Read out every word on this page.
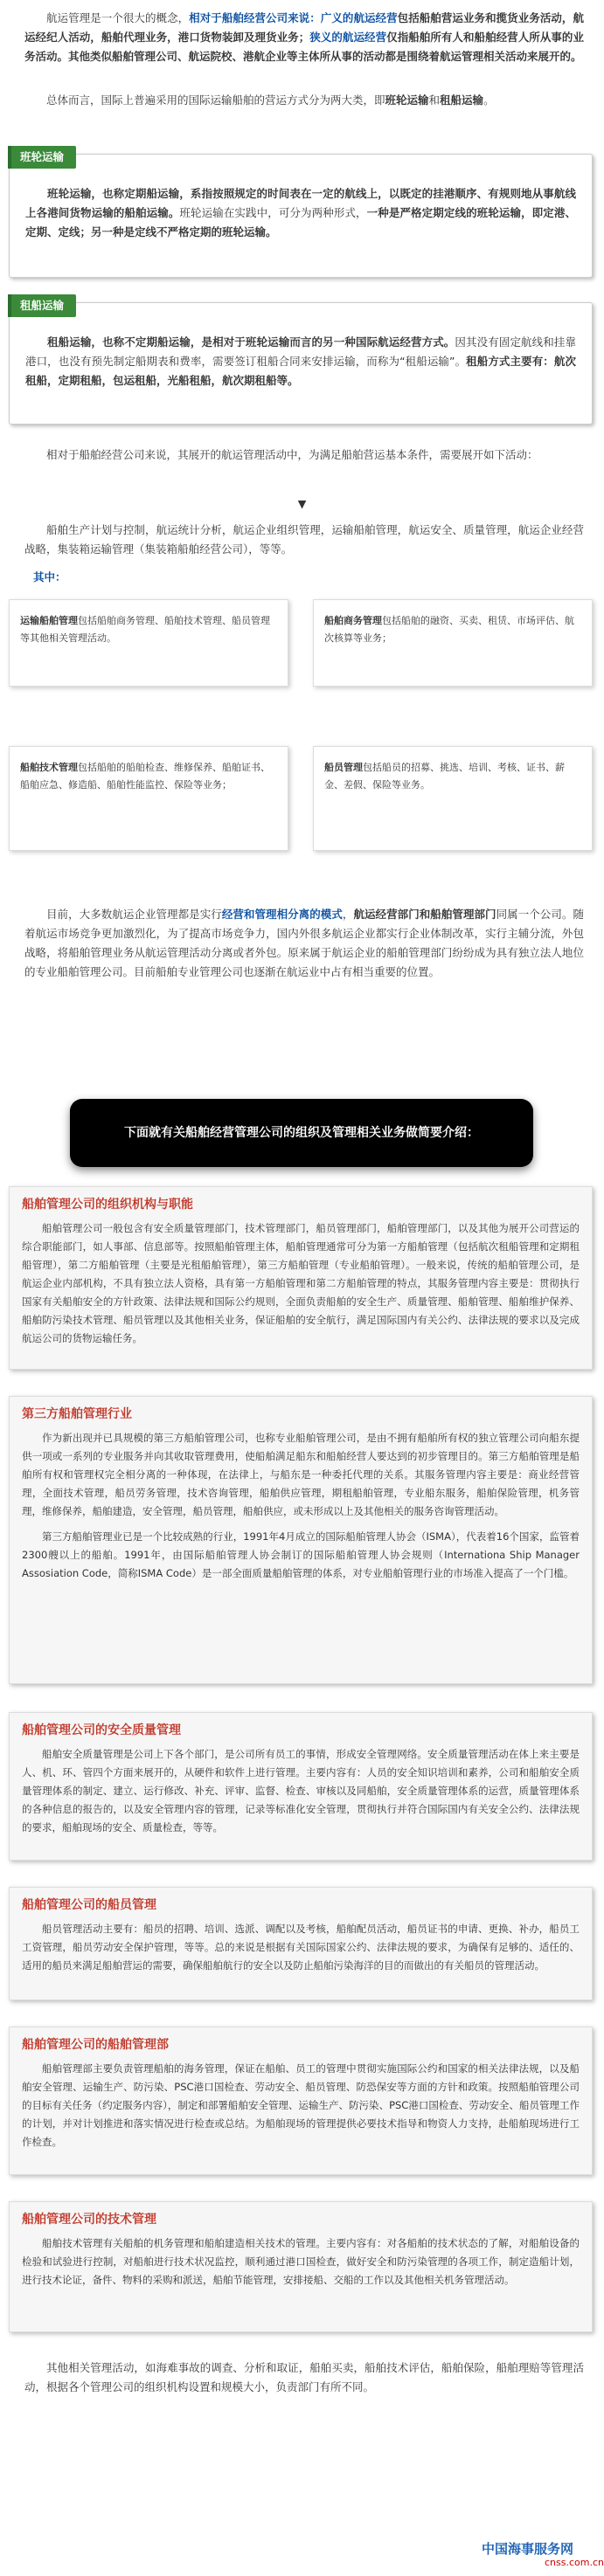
航运管理是一个很大的概念，相对于船舶经营公司来说：广义的航运经营包括船舶营运业务和揽货业务活动，航运经纪人活动，船舶代理业务，港口货物装卸及理货业务；狭义的航运经营仅指船舶所有人和船舶经营人所从事的业务活动。其他类似船舶管理公司、航运院校、港航企业等主体所从事的活动都是围绕着航运管理相关活动来展开的。
总体而言，国际上普遍采用的国际运输船舶的营运方式分为两大类，即班轮运输和租船运输。
班轮运输
班轮运输，也称定期船运输，系指按照规定的时间表在一定的航线上，以既定的挂港顺序、有规则地从事航线上各港间货物运输的船舶运输。班轮运输在实践中，可分为两种形式，一种是严格定期定线的班轮运输，即定港、定期、定线；另一种是定线不严格定期的班轮运输。
租船运输
租船运输，也称不定期船运输，是相对于班轮运输而言的另一种国际航运经营方式。因其没有固定航线和挂靠港口，也没有预先制定船期表和费率，需要签订租船合同来安排运输，而称为“租船运输”。租船方式主要有：航次租船，定期租船，包运租船，光船租船，航次期租船等。
相对于船舶经营公司来说，其展开的航运管理活动中，为满足船舶营运基本条件，需要展开如下活动：
▼
船舶生产计划与控制，航运统计分析，航运企业组织管理，运输船舶管理，航运安全、质量管理，航运企业经营战略，集装箱运输管理（集装箱船舶经营公司），等等。
其中：
运输船舶管理包括船舶商务管理、船舶技术管理、船员管理等其他相关管理活动。
船舶商务管理包括船舶的融资、买卖、租赁、市场评估、航次核算等业务；
船舶技术管理包括船舶的船舶检查、维修保养、船舶证书、船舶应急、修造船、船舶性能监控、保险等业务；
船员管理包括船员的招募、挑选、培训、考核、证书、薪金、差假、保险等业务。
目前，大多数航运企业管理都是实行经营和管理相分离的模式，航运经营部门和船舶管理部门同属一个公司。随着航运市场竞争更加激烈化，为了提高市场竞争力，国内外很多航运企业都实行企业体制改革，实行主辅分流，外包战略，将船舶管理业务从航运管理活动分离或者外包。原来属于航运企业的船舶管理部门纷纷成为具有独立法人地位的专业船舶管理公司。目前船舶专业管理公司也逐渐在航运业中占有相当重要的位置。
下面就有关船舶经营管理公司的组织及管理相关业务做简要介绍：
船舶管理公司的组织机构与职能

船舶管理公司一般包含有安全质量管理部门，技术管理部门，船员管理部门，船舶管理部门，以及其他为展开公司营运的综合职能部门，如人事部、信息部等。按照船舶管理主体，船舶管理通常可分为第一方船舶管理（包括航次租船管理和定期租船管理），第二方船舶管理（主要是光租船舶管理），第三方船舶管理（专业船舶管理）。一般来说，传统的船舶管理公司，是航运企业内部机构，不具有独立法人资格，具有第一方船舶管理和第二方船舶管理的特点，其服务管理内容主要是：贯彻执行国家有关船舶安全的方针政策、法律法规和国际公约规则，全面负责船舶的安全生产、质量管理、船舶管理、船舶维护保养、船舶防污染技术管理、船员管理以及其他相关业务，保证船舶的安全航行，满足国际国内有关公约、法律法规的要求以及完成航运公司的货物运输任务。

第三方船舶管理行业

作为新出现并已具规模的第三方船舶管理公司，也称专业船舶管理公司，是由不拥有船舶所有权的独立管理公司向船东提供一项或一系列的专业服务并向其收取管理费用，使船舶满足船东和船舶经营人要达到的初步管理目的。第三方船舶管理是船舶所有权和管理权完全相分离的一种体现，在法律上，与船东是一种委托代理的关系。其服务管理内容主要是：商业经营管理，全面技术管理，船员劳务管理，技术咨询管理，船舶供应管理，期租船舶管理，专业船东服务，船舶保险管理，机务管理，维修保养，船舶建造，安全管理，船员管理，船舶供应，或未形成以上及其他相关的服务咨询管理活动。

第三方船舶管理业已是一个比较成熟的行业，1991年4月成立的国际船舶管理人协会（ISMA），代表着16个国家，监管着2300艘以上的船舶。1991年，由国际船舶管理人协会制订的国际船舶管理人协会规则（Internationa Ship Manager Assosiation Code，简称ISMA Code）是一部全面质量船舶管理的体系，对专业船舶管理行业的市场准入提高了一个门槛。

船舶管理公司的安全质量管理

船舶安全质量管理是公司上下各个部门，是公司所有员工的事情，形成安全管理网络。安全质量管理活动在体上来主要是人、机、环、管四个方面来展开的，从硬件和软件上进行管理。主要内容有：人员的安全知识培训和素养，公司和船舶安全质量管理体系的制定、建立、运行修改、补充、评审、监督、检查、审核以及同船舶，安全质量管理体系的运营，质量管理体系的各种信息的报告的，以及安全管理内容的管理，记录等标准化安全管理，贯彻执行并符合国际国内有关安全公约、法律法规的要求，船舶现场的安全、质量检查，等等。

船舶管理公司的船员管理

船员管理活动主要有：船员的招聘、培训、选派、调配以及考核，船舶配员活动，船员证书的申请、更换、补办，船员工工资管理，船员劳动安全保护管理，等等。总的来说是根据有关国际国家公约、法律法规的要求，为确保有足够的、适任的、适用的船员来满足船舶营运的需要，确保船舶航行的安全以及防止船舶污染海洋的目的而做出的有关船员的管理活动。

船舶管理公司的船舶管理部

船舶管理部主要负责管理船舶的海务管理，保证在船舶、员工的管理中贯彻实施国际公约和国家的相关法律法规，以及船舶安全管理、运输生产、防污染、PSC港口国检查、劳动安全、船员管理、防恐保安等方面的方针和政策。按照船舶管理公司的目标有关任务（约定服务内容），制定和部署船舶安全管理、运输生产、防污染、PSC港口国检查、劳动安全、船员管理工作的计划，并对计划推进和落实情况进行检查或总结。为船舶现场的管理提供必要技术指导和物资人力支持，赴船舶现场进行工作检查。

船舶管理公司的技术管理

船舶技术管理有关船舶的机务管理和船舶建造相关技术的管理。主要内容有：对各船舶的技术状态的了解，对船舶设备的检验和试验进行控制，对船舶进行技术状况监控，顺利通过港口国检查，做好安全和防污染管理的各项工作，制定造船计划，进行技术论证，备件、物料的采购和派送，船舶节能管理，安排接船、交船的工作以及其他相关机务管理活动。

其他相关管理活动，如海难事故的调查、分析和取证，船舶买卖，船舶技术评估，船舶保险，船舶理赔等管理活动，根据各个管理公司的组织机构设置和规模大小，负责部门有所不同。
中国海事服务网
cnss.com.cn
